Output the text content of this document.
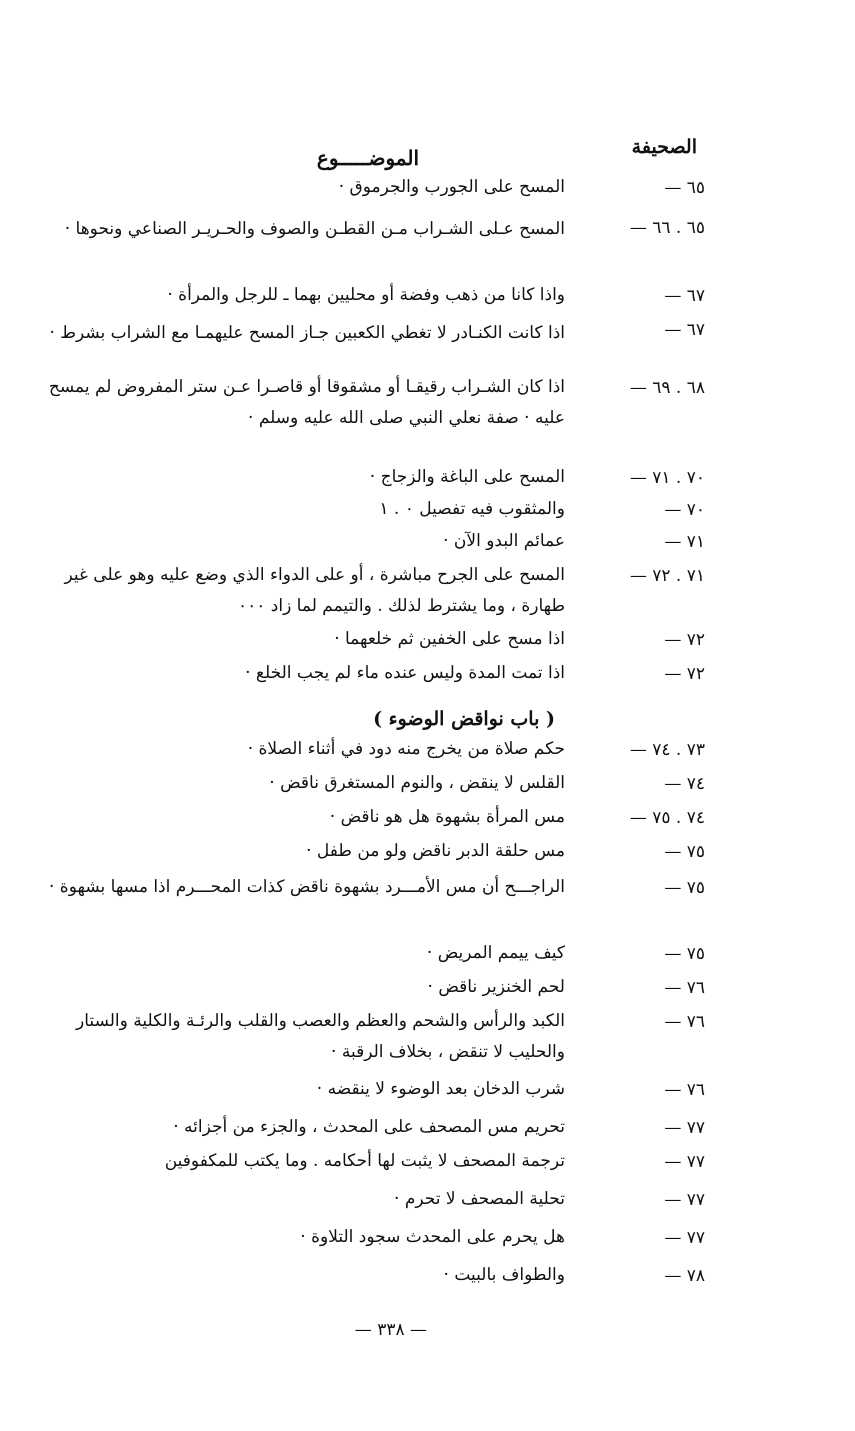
الصحيفة
الموضـــــوع
٦٥ —
المسح على الجورب والجرموق ·
٦٥ . ٦٦ —
المسح عـلى الشـراب مـن القطـن والصوف والحـريـر الصناعي ونحوها ·
٦٧ —
واذا كانا من ذهب وفضة أو محليين بهما ـ للرجل والمرأة ·
٦٧ —
اذا كانت الكنـادر لا تغطي الكعبين جـاز المسح عليهمـا مع الشراب بشرط ·
٦٨ . ٦٩ —
اذا كان الشـراب رقيقـا أو مشقوقا أو قاصـرا عـن ستر المفروض لم يمسح عليه · صفة نعلي النبي صلى الله عليه وسلم ·
٧٠ . ٧١ —
المسح على الباغة والزجاج ·
٧٠ —
والمثقوب فيه تفصيل ٠ . ١
٧١ —
عمائم البدو الآن ·
٧١ . ٧٢ —
المسح على الجرح مباشرة ، أو على الدواء الذي وضع عليه وهو على غير طهارة ، وما يشترط لذلك . والتيمم لما زاد ٠٠٠
٧٢ —
اذا مسح على الخفين ثم خلعهما ·
٧٢ —
اذا تمت المدة وليس عنده ماء لم يجب الخلع ·
( باب نواقض الوضوء )
٧٣ . ٧٤ —
حكم صلاة من يخرج منه دود في أثناء الصلاة ·
٧٤ —
القلس لا ينقض ، والنوم المستغرق ناقض ·
٧٤ . ٧٥ —
مس المرأة بشهوة هل هو ناقض ·
٧٥ —
مس حلقة الدبر ناقض ولو من طفل ·
٧٥ —
الراجـــح أن مس الأمـــرد بشهوة ناقض كذات المحـــرم اذا مسها بشهوة ·
٧٥ —
كيف ييمم المريض ·
٧٦ —
لحم الخنزير ناقض ·
٧٦ —
الكبد والرأس والشحم والعظم والعصب والقلب والرئـة والكلية والستار والحليب لا تنقض ، بخلاف الرقبة ·
٧٦ —
شرب الدخان بعد الوضوء لا ينقضه ·
٧٧ —
تحريم مس المصحف على المحدث ، والجزء من أجزائه ·
٧٧ —
ترجمة المصحف لا يثبت لها أحكامه . وما يكتب للمكفوفين
٧٧ —
تحلية المصحف لا تحرم ·
٧٧ —
هل يحرم على المحدث سجود التلاوة ·
٧٨ —
والطواف بالبيت ·
— ٣٣٨ —
